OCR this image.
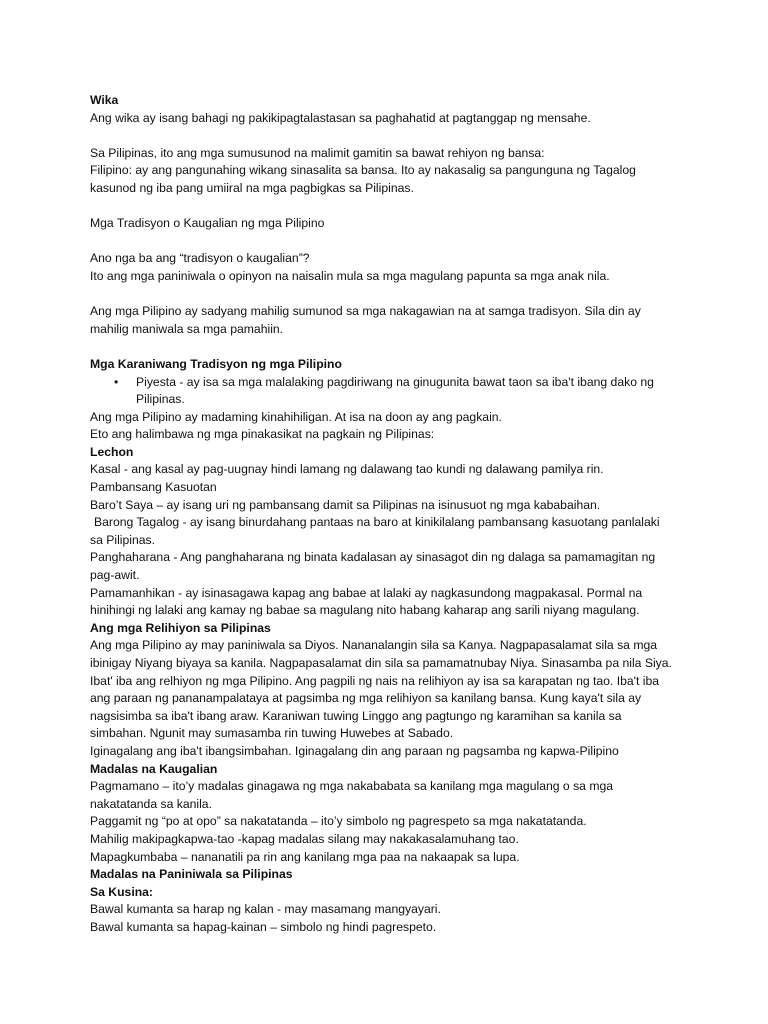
Wika

Ang wika ay isang bahagi ng pakikipagtalastasan sa paghahatid at pagtanggap ng mensahe.

Sa Pilipinas, ito ang mga sumusunod na malimit gamitin sa bawat rehiyon ng bansa:

Filipino: ay ang pangunahing wikang sinasalita sa bansa. Ito ay nakasalig sa pangunguna ng Tagalog

kasunod ng iba pang umiiral na mga pagbigkas sa Pilipinas.

Mga Tradisyon o Kaugalian ng mga Pilipino

Ano nga ba ang “tradisyon o kaugalian”?

Ito ang mga paniniwala o opinyon na naisalin mula sa mga magulang papunta sa mga anak nila.

Ang mga Pilipino ay sadyang mahilig sumunod sa mga nakagawian na at samga tradisyon. Sila din ay

mahilig maniwala sa mga pamahiin.

Mga Karaniwang Tradisyon ng mga Pilipino

• Piyesta - ay isa sa mga malalaking pagdiriwang na ginugunita bawat taon sa iba't ibang dako ng
Pilipinas.

Ang mga Pilipino ay madaming kinahihiligan. At isa na doon ay ang pagkain.

Eto ang halimbawa ng mga pinakasikat na pagkain ng Pilipinas:

Lechon

Kasal - ang kasal ay pag-uugnay hindi lamang ng dalawang tao kundi ng dalawang pamilya rin.

Pambansang Kasuotan

Baro’t Saya – ay isang uri ng pambansang damit sa Pilipinas na isinusuot ng mga kababaihan.

Barong Tagalog - ay isang binurdahang pantaas na baro at kinikilalang pambansang kasuotang panlalaki

sa Pilipinas.

Panghaharana - Ang panghaharana ng binata kadalasan ay sinasagot din ng dalaga sa pamamagitan ng

pag-awit.

Pamamanhikan - ay isinasagawa kapag ang babae at lalaki ay nagkasundong magpakasal. Pormal na

hinihingi ng lalaki ang kamay ng babae sa magulang nito habang kaharap ang sarili niyang magulang.

Ang mga Relihiyon sa Pilipinas

Ang mga Pilipino ay may paniniwala sa Diyos. Nananalangin sila sa Kanya. Nagpapasalamat sila sa mga

ibinigay Niyang biyaya sa kanila. Nagpapasalamat din sila sa pamamatnubay Niya. Sinasamba pa nila Siya.

Ibat' iba ang relhiyon ng mga Pilipino. Ang pagpili ng nais na relihiyon ay isa sa karapatan ng tao. Iba't iba

ang paraan ng pananampalataya at pagsimba ng mga relihiyon sa kanilang bansa. Kung kaya't sila ay

nagsisimba sa iba't ibang araw. Karaniwan tuwing Linggo ang pagtungo ng karamihan sa kanila sa

simbahan. Ngunit may sumasamba rin tuwing Huwebes at Sabado.

Iginagalang ang iba't ibangsimbahan. Iginagalang din ang paraan ng pagsamba ng kapwa-Pilipino

Madalas na Kaugalian

Pagmamano – ito’y madalas ginagawa ng mga nakababata sa kanilang mga magulang o sa mga

nakatatanda sa kanila.

Paggamit ng “po at opo” sa nakatatanda – ito’y simbolo ng pagrespeto sa mga nakatatanda.

Mahilig makipagkapwa-tao -kapag madalas silang may nakakasalamuhang tao.

Mapagkumbaba – nananatili pa rin ang kanilang mga paa na nakaapak sa lupa.

Madalas na Paniniwala sa Pilipinas

Sa Kusina:

Bawal kumanta sa harap ng kalan - may masamang mangyayari.

Bawal kumanta sa hapag-kainan – simbolo ng hindi pagrespeto.
